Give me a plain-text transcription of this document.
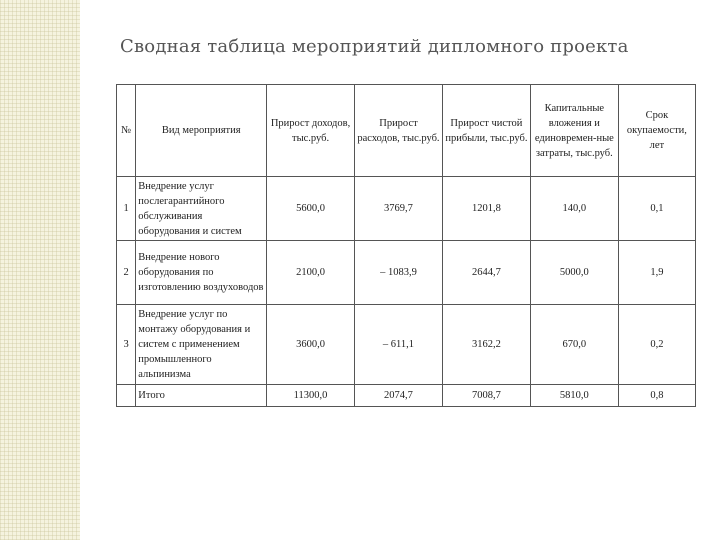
Сводная таблица мероприятий дипломного проекта
№	Вид мероприятия	Прирост доходов, тыс.руб.	Прирост расходов, тыс.руб.	Прирост чистой прибыли, тыс.руб.	Капитальные вложения и единовремен-ные затраты, тыс.руб.	Срок окупаемости, лет
1	Внедрение услуг послегарантийного обслуживания оборудования и систем	5600,0	3769,7	1201,8	140,0	0,1
2	Внедрение нового оборудования по изготовлению воздуховодов	2100,0	– 1083,9	2644,7	5000,0	1,9
3	Внедрение услуг по монтажу оборудования и систем с применением промышленного альпинизма	3600,0	– 611,1	3162,2	670,0	0,2
	Итого	11300,0	2074,7	7008,7	5810,0	0,8
